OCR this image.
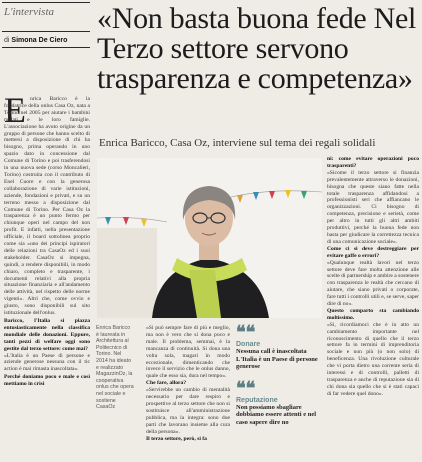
L'intervista
di Simona De Ciero
E nrica Baricco è la fondatrice della onlus Casa Oz, nata a Torino nel 2005 per aiutare i bambini malati e le loro famiglie. L'associazione ha avuto origine da un gruppo di persone che hanno scelto di mettersi a disposizione di chi ha bisogno, prima operando in uno spazio dato in concessione dal Comune di Torino e poi trasferendosi in una nuova sede (corso Moncalieri, Torino) costruita con il contributo di Enel Cuore e con la generosa collaborazione di varie istituzioni, aziende, fondazioni e privati, e su un terreno messo a disposizione dal Comune di Torino. Per Casa Oz la trasparenza è un punto fermo per chiunque operi nel campo del non profit. E infatti, nella presentazione ufficiale, il board sottolinea proprio come sia «uno dei principi ispiratori delle relazioni tra CasaOz ed i suoi stakeholder. CasaOz si impegna, quindi, a rendere disponibili, in modo chiaro, completo e trasparente, i documenti relativi alla propria situazione finanziaria e all'andamento delle attività, nel rispetto delle norme vigenti». Altri che, come ovvio e giusto, sono disponibili sul sito istituzionale dell'onlus.

Baricco, l'Italia si piazza entusiasticamente nella classifica mondiale delle donazioni. Eppure, tanti pezzi di welfare oggi sono gestite dal terzo settore: come mai?

«L'Italia è un Paese di persone e aziende generose nessuna con il tic action è mai rimasta inascoltata».

Perché doniamo poco e male e così mettiamo in crisi

«Non basta buona fede Nel Terzo settore servono trasparenza e competenza»
Enrica Baricco, Casa Oz, interviene sul tema dei regali solidali
Enrica Baricco è laureata in Architettura al Politecnico di Torino. Nel 2014 ha ideato e realizzato MagazzinOz, la cooperativa onlus che opera nel sociale e sostiene CasaOz

«Si può sempre fare di più e meglio, ma non è vero che si dona poco e male. Il problema, semmai, è la mancanza di continuità. Si dona una volta sola, magari in modo eccezionale, dimenticando che invece il servizio che le onlus danno, quale che esso sia, dura nel tempo».

Che fare, allora?

«Servirebbe un cambio di mentalità necessario per dare respiro e prospettive al terzo settore che non si sostituisce all'amministrazione pubblica, ma la integra: sono due parti che lavorano insieme alla cura della persona».

Il terzo settore, però, si fa

❝❝
Donare
Nessuna call è inascoltata L'Italia è un Paese di persone generose
❝❝
Reputazione
Non possiamo sbagliare dobbiamo essere attenti e nel caso sapere dire no

ni: come evitare operazioni poco trasparenti?

«Sicome il terzo settore si finanzia prevalentemente attraverso le donazioni, bisogna che queste siano fatte nella totale trasparenza affidandosi a professionisti seri che affiancano le organizzazioni. Ci bisogno di competenza, precisione e serietà, come per altro in tutti gli altri ambiti produttivi, perché la buona fede non basta per giudicare la correttezza tecnica di una comunicazione sociale».

Come ci si deve destreggiare per evitare gaffe o errori?

«Qualunque realtà lavori nel terzo settore deve fare molta attenzione alle scelte di partnership e ambire a sostenere con trasparenza le realtà che cercano di aiutare, che siano privati o corporate, fare tutti i controlli utili e, se serve, saper dire di no».

Questo comparto sta cambiando moltissimo.

«Sì, ricordiamoci che è in atto un cambiamento importante nel riconoscimento di quello che il terzo settore fa in termini di imprenditoria sociale e non più (o non solo) di beneficenza. Una rivoluzione culturale che vi porta dietro una corrente seria di interessi e di controlli, palletti di trasparenza e anche di reputazione sia di chi dona sia quello che si è stati capaci di far vedere quel dono».
